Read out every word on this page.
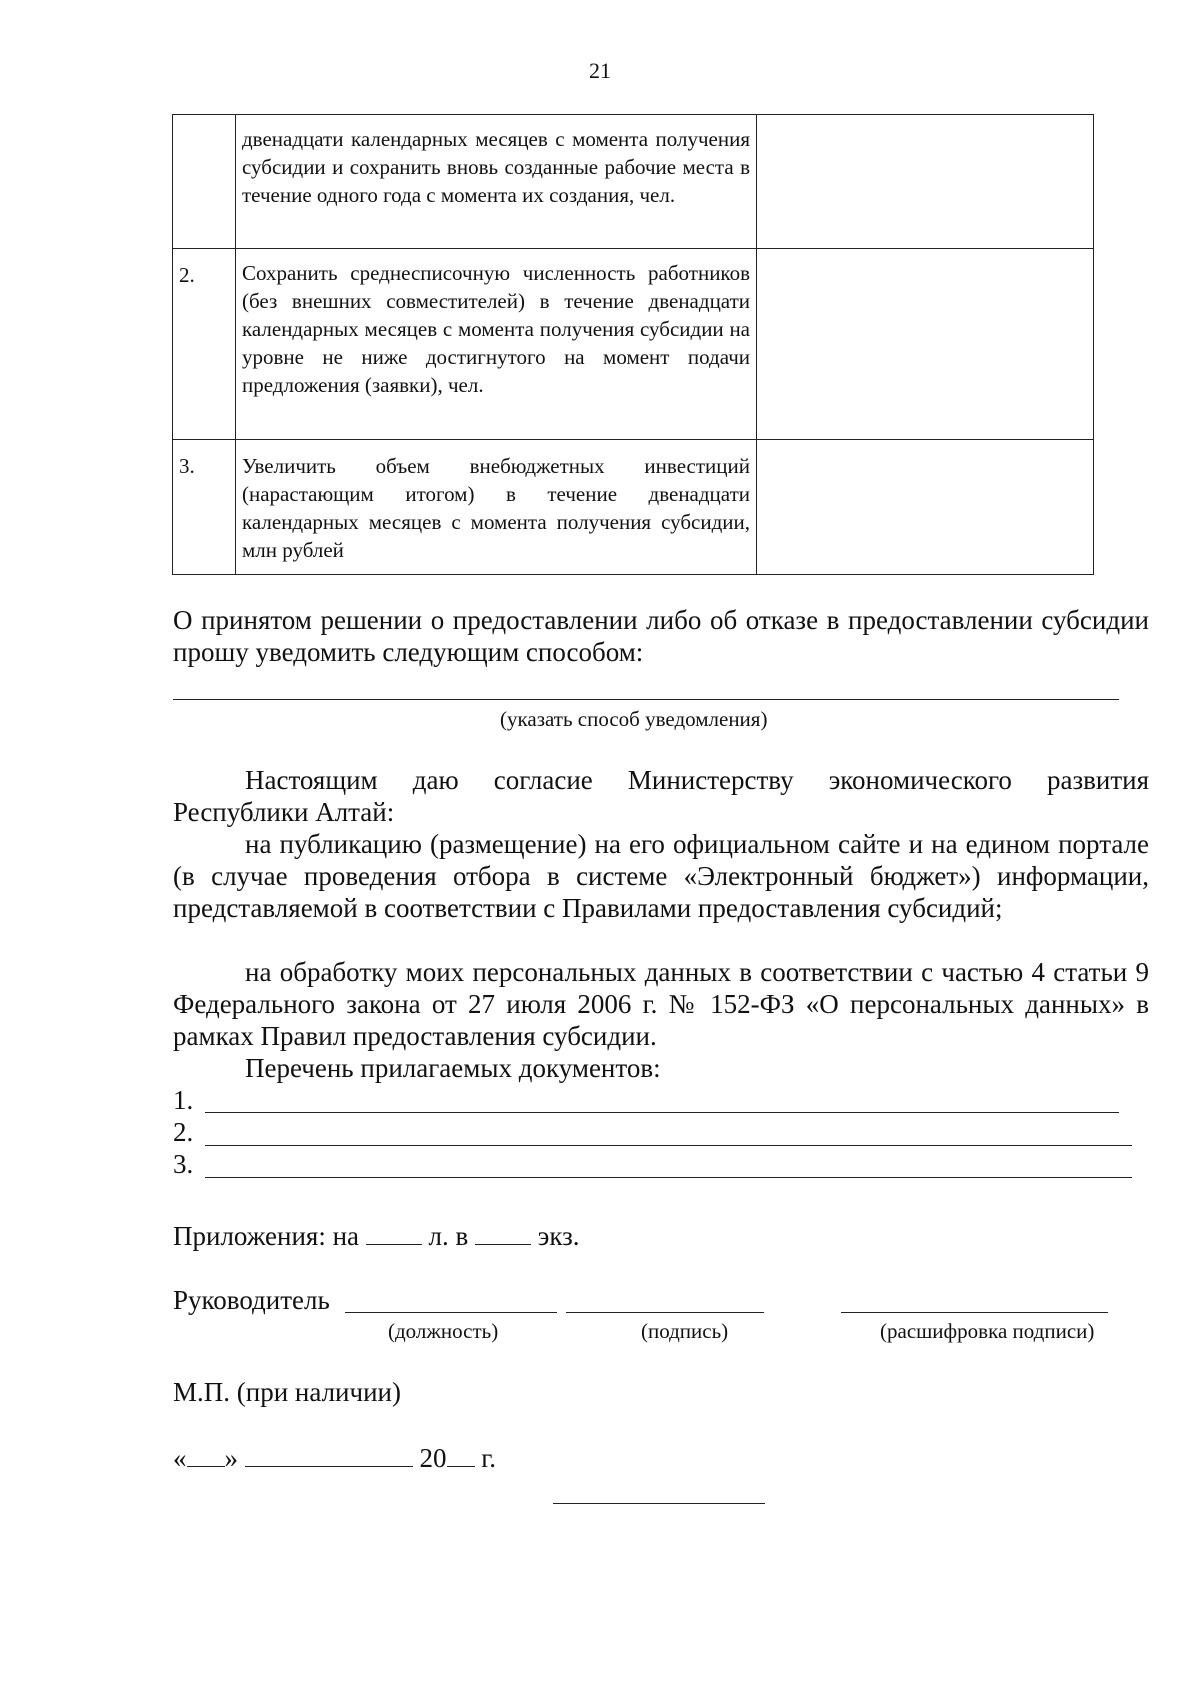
21

	двенадцати календарных месяцев с момента получения субсидии и сохранить вновь созданные рабочие места в течение одного года с момента их создания, чел.	

2.	Сохранить среднесписочную численность работников (без внешних совместителей) в течение двенадцати календарных месяцев с момента получения субсидии на уровне не ниже достигнутого на момент подачи предложения (заявки), чел.	

3.	Увеличить объем внебюджетных инвестиций (нарастающим итогом) в течение двенадцати календарных месяцев с момента получения субсидии, млн рублей	

О принятом решении о предоставлении либо об отказе в предоставлении субсидии прошу уведомить следующим способом:
(указать способ уведомления)
Настоящим даю согласие Министерству экономического развития Республики Алтай:
на публикацию (размещение) на его официальном сайте и на едином портале (в случае проведения отбора в системе «Электронный бюджет») информации, представляемой в соответствии с Правилами предоставления субсидий;
на обработку моих персональных данных в соответствии с частью 4 статьи 9 Федерального закона от 27 июля 2006 г. № 152-ФЗ «О персональных данных» в рамках Правил предоставления субсидии.
Перечень прилагаемых документов:
1.
2.
3.
Приложения: на	л. в	экз.
Руководитель
(должность)	(подпись)	(расшифровка подписи)
М.П. (при наличии)
« »	20 г.
